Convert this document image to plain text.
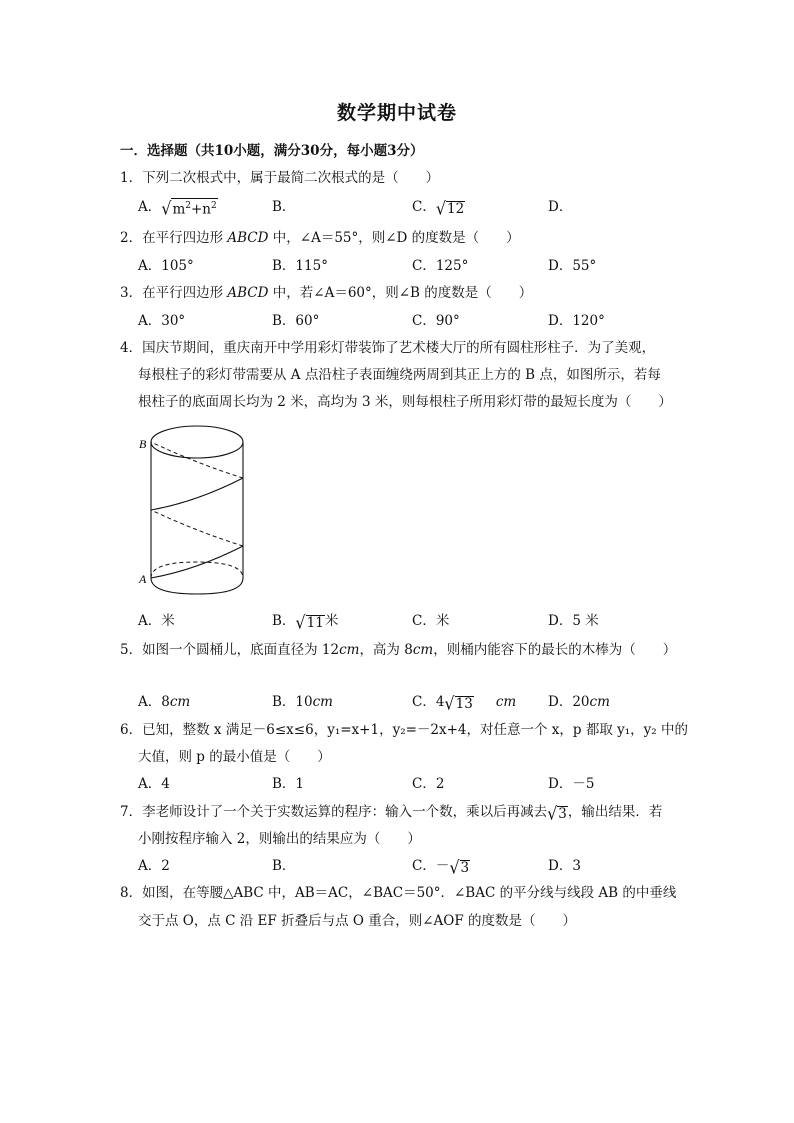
数学期中试卷
一．选择题（共10小题，满分30分，每小题3分）
1．下列二次根式中，属于最简二次根式的是（　　）
A． √ $m^2+n^2$	B．	C． √ 12	D．
2．在平行四边形 ABCD 中，∠A＝55°，则∠D 的度数是（　　）
A．105°	B．115°	C．125°	D．55°
3．在平行四边形 ABCD 中，若∠A＝60°，则∠B 的度数是（　　）
A．30°	B．60°	C．90°	D．120°
4．国庆节期间，重庆南开中学用彩灯带装饰了艺术楼大厅的所有圆柱形柱子．为了美观，
每根柱子的彩灯带需要从 A 点沿柱子表面缠绕两周到其正上方的 B 点，如图所示，若每
根柱子的底面周长均为 2 米，高均为 3 米，则每根柱子所用彩灯带的最短长度为（　　）
B
A
A．米	B． √ 11 米	C．米	D．5 米
5．如图一个圆桶儿，底面直径为 12cm，高为 8cm，则桶内能容下的最长的木棒为（　　）
A．8cm	B．10cm	C．4 √ 13 cm D．20cm
6．已知，整数 x 满足－6≤x≤6，y₁=x+1，y₂=－2x+4，对任意一个 x，p 都取 y₁，y₂ 中的
大值，则 p 的最小值是（　　）
A．4	B．1	C．2	D．－5
7．李老师设计了一个关于实数运算的程序：输入一个数，乘以后再减去 √ 3 ，输出结果．若
小刚按程序输入 2，则输出的结果应为（　　）
A．2	B．	C．－ √ 3	D．3
8．如图，在等腰△ABC 中，AB＝AC，∠BAC＝50°．∠BAC 的平分线与线段 AB 的中垂线
交于点 O，点 C 沿 EF 折叠后与点 O 重合，则∠AOF 的度数是（　　）
